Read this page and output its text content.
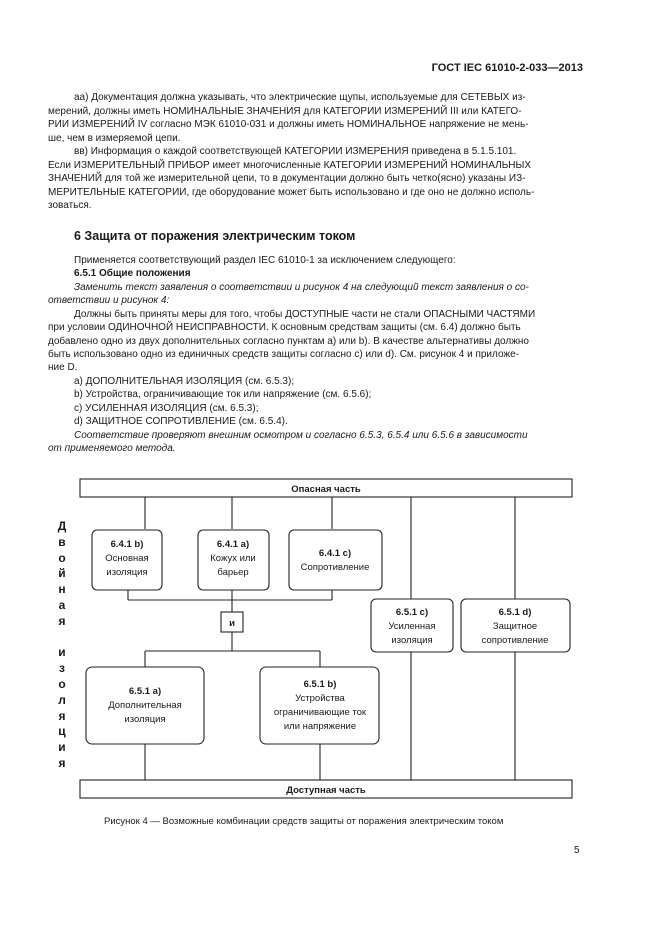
ГОСТ IEC 61010-2-033—2013
аа) Документация должна указывать, что электрические щупы, используемые для СЕТЕВЫХ из-
мерений, должны иметь НОМИНАЛЬНЫЕ ЗНАЧЕНИЯ для КАТЕГОРИИ ИЗМЕРЕНИЙ III или КАТЕГО-
РИИ ИЗМЕРЕНИЙ IV согласно МЭК 61010-031 и должны иметь НОМИНАЛЬНОЕ напряжение не мень-
ше, чем в измеряемой цепи.
вв) Информация о каждой соответствующей КАТЕГОРИИ ИЗМЕРЕНИЯ приведена в 5.1.5.101.
Если ИЗМЕРИТЕЛЬНЫЙ ПРИБОР имеет многочисленные КАТЕГОРИИ ИЗМЕРЕНИЙ НОМИНАЛЬНЫХ
ЗНАЧЕНИЙ для той же измерительной цепи, то в документации должно быть четко(ясно) указаны ИЗ-
МЕРИТЕЛЬНЫЕ КАТЕГОРИИ, где оборудование может быть использовано и где оно не должно исполь-
зоваться.
6 Защита от поражения электрическим током
Применяется соответствующий раздел IEC 61010-1 за исключением следующего:
6.5.1 Общие положения
Заменить текст заявления о соответствии и рисунок 4 на следующий текст заявления о со-
ответствии и рисунок 4:
Должны быть приняты меры для того, чтобы ДОСТУПНЫЕ части не стали ОПАСНЫМИ ЧАСТЯМИ
при условии ОДИНОЧНОЙ НЕИСПРАВНОСТИ. К основным средствам защиты (см. 6.4) должно быть
добавлено одно из двух дополнительных согласно пунктам a) или b). В качестве альтернативы должно
быть использовано одно из единичных средств защиты согласно c) или d). См. рисунок 4 и приложе-
ние D.
a) ДОПОЛНИТЕЛЬНАЯ ИЗОЛЯЦИЯ (см. 6.5.3);
b) Устройства, ограничивающие ток или напряжение (см. 6.5.6);
c) УСИЛЕННАЯ ИЗОЛЯЦИЯ (см. 6.5.3);
d) ЗАЩИТНОЕ СОПРОТИВЛЕНИЕ (см. 6.5.4).
Соответствие проверяют внешним осмотром и согласно 6.5.3, 6.5.4 или 6.5.6 в зависимости
от применяемого метода.
Опасная часть
Доступная часть
6.4.1 b)
Основная
изоляция
6.4.1 a)
Кожух или
барьер
6.4.1 c)
Сопротивление
и
6.5.1 c)
Усиленная
изоляция
6.5.1 d)
Защитное
сопротивление
6.5.1 a)
Дополнительная
изоляция
6.5.1 b)
Устройства
ограничивающие ток
или напряжение
Д
в
о
й
н
а
я
и
з
о
л
я
ц
и
я
Рисунок 4 — Возможные комбинации средств защиты от поражения электрическим током
5
